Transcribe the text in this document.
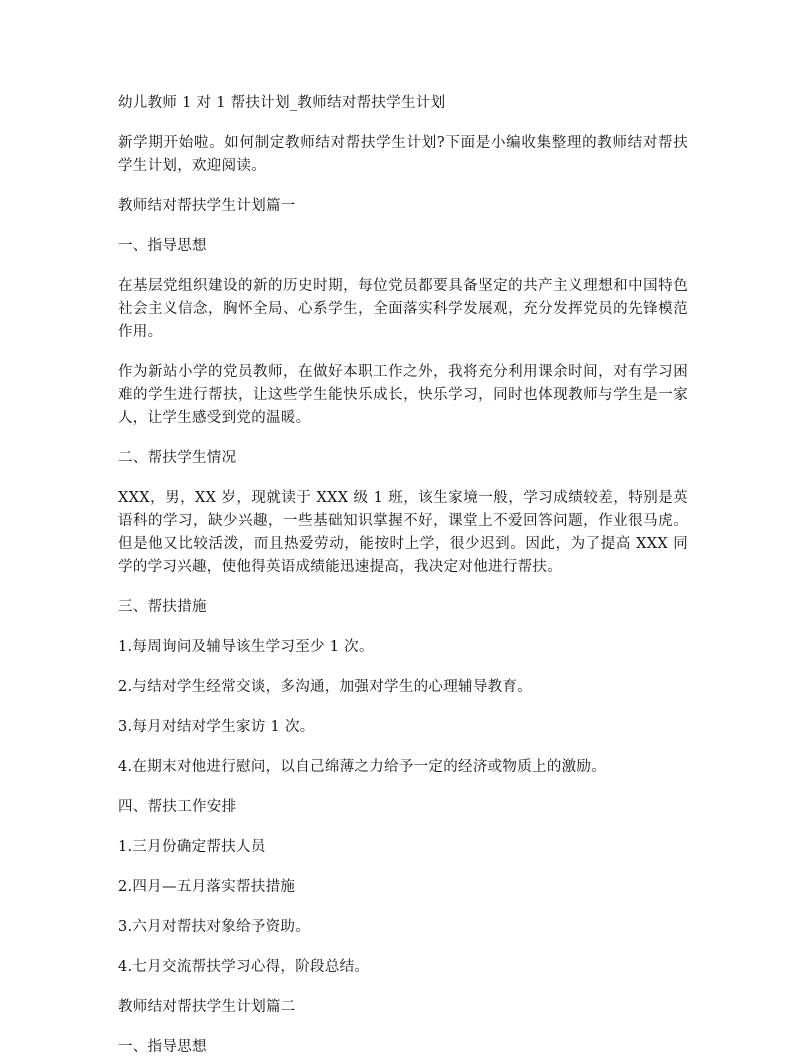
幼儿教师 1 对 1 帮扶计划_教师结对帮扶学生计划

新学期开始啦。如何制定教师结对帮扶学生计划?下面是小编收集整理的教师结对帮扶学生计划，欢迎阅读。

教师结对帮扶学生计划篇一

一、指导思想

在基层党组织建设的新的历史时期，每位党员都要具备坚定的共产主义理想和中国特色社会主义信念，胸怀全局、心系学生，全面落实科学发展观，充分发挥党员的先锋模范作用。

作为新站小学的党员教师，在做好本职工作之外，我将充分利用课余时间，对有学习困难的学生进行帮扶，让这些学生能快乐成长，快乐学习，同时也体现教师与学生是一家人，让学生感受到党的温暖。

二、帮扶学生情况

XXX，男，XX 岁，现就读于 XXX 级 1 班，该生家境一般，学习成绩较差，特别是英语科的学习，缺少兴趣，一些基础知识掌握不好，课堂上不爱回答问题，作业很马虎。但是他又比较活泼，而且热爱劳动，能按时上学，很少迟到。因此，为了提高 XXX 同学的学习兴趣，使他得英语成绩能迅速提高，我决定对他进行帮扶。

三、帮扶措施

1.每周询问及辅导该生学习至少 1 次。

2.与结对学生经常交谈，多沟通，加强对学生的心理辅导教育。

3.每月对结对学生家访 1 次。

4.在期末对他进行慰问，以自己绵薄之力给予一定的经济或物质上的激励。

四、帮扶工作安排

1.三月份确定帮扶人员

2.四月—五月落实帮扶措施

3.六月对帮扶对象给予资助。

4.七月交流帮扶学习心得，阶段总结。

教师结对帮扶学生计划篇二

一、指导思想
